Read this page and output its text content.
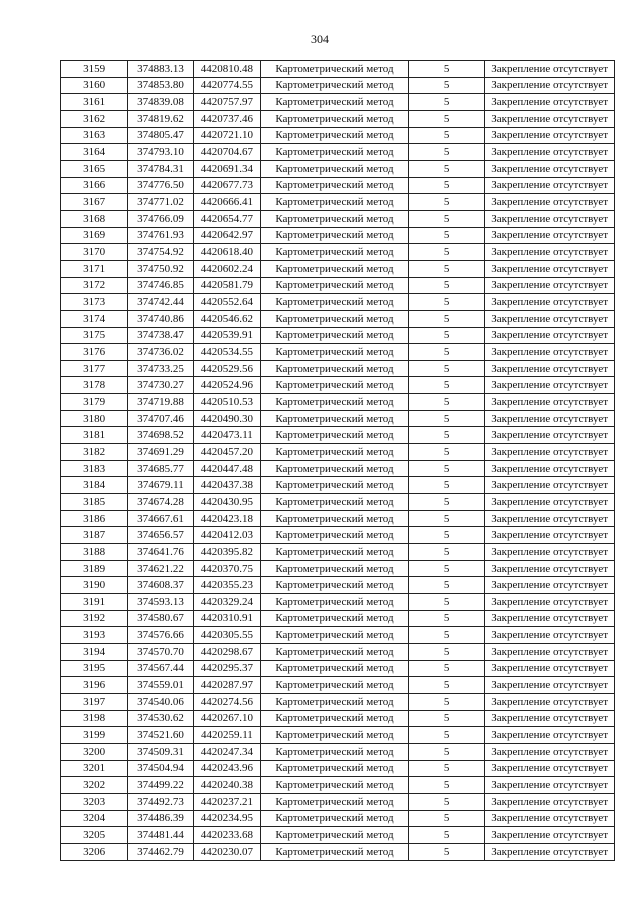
304
3159	374883.13	4420810.48	Картометрический метод	5	Закрепление отсутствует
3160	374853.80	4420774.55	Картометрический метод	5	Закрепление отсутствует
3161	374839.08	4420757.97	Картометрический метод	5	Закрепление отсутствует
3162	374819.62	4420737.46	Картометрический метод	5	Закрепление отсутствует
3163	374805.47	4420721.10	Картометрический метод	5	Закрепление отсутствует
3164	374793.10	4420704.67	Картометрический метод	5	Закрепление отсутствует
3165	374784.31	4420691.34	Картометрический метод	5	Закрепление отсутствует
3166	374776.50	4420677.73	Картометрический метод	5	Закрепление отсутствует
3167	374771.02	4420666.41	Картометрический метод	5	Закрепление отсутствует
3168	374766.09	4420654.77	Картометрический метод	5	Закрепление отсутствует
3169	374761.93	4420642.97	Картометрический метод	5	Закрепление отсутствует
3170	374754.92	4420618.40	Картометрический метод	5	Закрепление отсутствует
3171	374750.92	4420602.24	Картометрический метод	5	Закрепление отсутствует
3172	374746.85	4420581.79	Картометрический метод	5	Закрепление отсутствует
3173	374742.44	4420552.64	Картометрический метод	5	Закрепление отсутствует
3174	374740.86	4420546.62	Картометрический метод	5	Закрепление отсутствует
3175	374738.47	4420539.91	Картометрический метод	5	Закрепление отсутствует
3176	374736.02	4420534.55	Картометрический метод	5	Закрепление отсутствует
3177	374733.25	4420529.56	Картометрический метод	5	Закрепление отсутствует
3178	374730.27	4420524.96	Картометрический метод	5	Закрепление отсутствует
3179	374719.88	4420510.53	Картометрический метод	5	Закрепление отсутствует
3180	374707.46	4420490.30	Картометрический метод	5	Закрепление отсутствует
3181	374698.52	4420473.11	Картометрический метод	5	Закрепление отсутствует
3182	374691.29	4420457.20	Картометрический метод	5	Закрепление отсутствует
3183	374685.77	4420447.48	Картометрический метод	5	Закрепление отсутствует
3184	374679.11	4420437.38	Картометрический метод	5	Закрепление отсутствует
3185	374674.28	4420430.95	Картометрический метод	5	Закрепление отсутствует
3186	374667.61	4420423.18	Картометрический метод	5	Закрепление отсутствует
3187	374656.57	4420412.03	Картометрический метод	5	Закрепление отсутствует
3188	374641.76	4420395.82	Картометрический метод	5	Закрепление отсутствует
3189	374621.22	4420370.75	Картометрический метод	5	Закрепление отсутствует
3190	374608.37	4420355.23	Картометрический метод	5	Закрепление отсутствует
3191	374593.13	4420329.24	Картометрический метод	5	Закрепление отсутствует
3192	374580.67	4420310.91	Картометрический метод	5	Закрепление отсутствует
3193	374576.66	4420305.55	Картометрический метод	5	Закрепление отсутствует
3194	374570.70	4420298.67	Картометрический метод	5	Закрепление отсутствует
3195	374567.44	4420295.37	Картометрический метод	5	Закрепление отсутствует
3196	374559.01	4420287.97	Картометрический метод	5	Закрепление отсутствует
3197	374540.06	4420274.56	Картометрический метод	5	Закрепление отсутствует
3198	374530.62	4420267.10	Картометрический метод	5	Закрепление отсутствует
3199	374521.60	4420259.11	Картометрический метод	5	Закрепление отсутствует
3200	374509.31	4420247.34	Картометрический метод	5	Закрепление отсутствует
3201	374504.94	4420243.96	Картометрический метод	5	Закрепление отсутствует
3202	374499.22	4420240.38	Картометрический метод	5	Закрепление отсутствует
3203	374492.73	4420237.21	Картометрический метод	5	Закрепление отсутствует
3204	374486.39	4420234.95	Картометрический метод	5	Закрепление отсутствует
3205	374481.44	4420233.68	Картометрический метод	5	Закрепление отсутствует
3206	374462.79	4420230.07	Картометрический метод	5	Закрепление отсутствует
